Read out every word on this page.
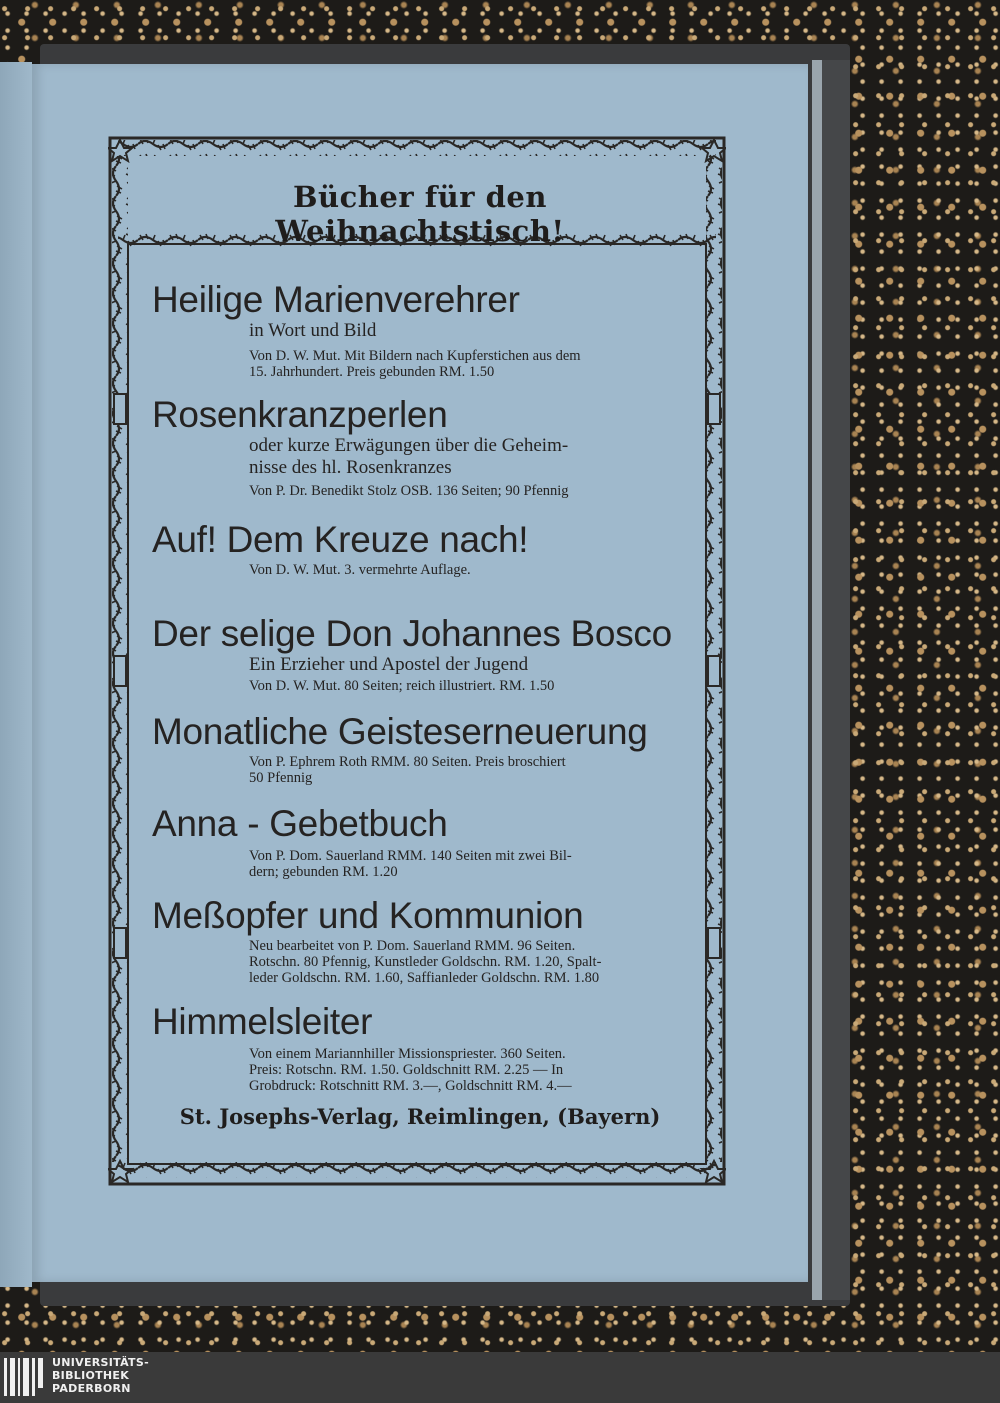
Bücher für den Weihnachtstisch!
Heilige Marienverehrer
in Wort und Bild
Von D. W. Mut. Mit Bildern nach Kupferstichen aus dem
15. Jahrhundert. Preis gebunden RM. 1.50
Rosenkranzperlen
oder kurze Erwägungen über die Geheim-
nisse des hl. Rosenkranzes
Von P. Dr. Benedikt Stolz OSB. 136 Seiten; 90 Pfennig
Auf! Dem Kreuze nach!
Von D. W. Mut. 3. vermehrte Auflage.
Der selige Don Johannes Bosco
Ein Erzieher und Apostel der Jugend
Von D. W. Mut. 80 Seiten; reich illustriert. RM. 1.50
Monatliche Geisteserneuerung
Von P. Ephrem Roth RMM. 80 Seiten. Preis broschiert
50 Pfennig
Anna - Gebetbuch
Von P. Dom. Sauerland RMM. 140 Seiten mit zwei Bil-
dern; gebunden RM. 1.20
Meßopfer und Kommunion
Neu bearbeitet von P. Dom. Sauerland RMM. 96 Seiten.
Rotschn. 80 Pfennig, Kunstleder Goldschn. RM. 1.20, Spalt-
leder Goldschn. RM. 1.60, Saffianleder Goldschn. RM. 1.80
Himmelsleiter
Von einem Mariannhiller Missionspriester. 360 Seiten.
Preis: Rotschn. RM. 1.50. Goldschnitt RM. 2.25 — In
Grobdruck: Rotschnitt RM. 3.—, Goldschnitt RM. 4.—
St. Josephs-Verlag, Reimlingen, (Bayern)
UNIVERSITÄTS-
BIBLIOTHEK
PADERBORN
